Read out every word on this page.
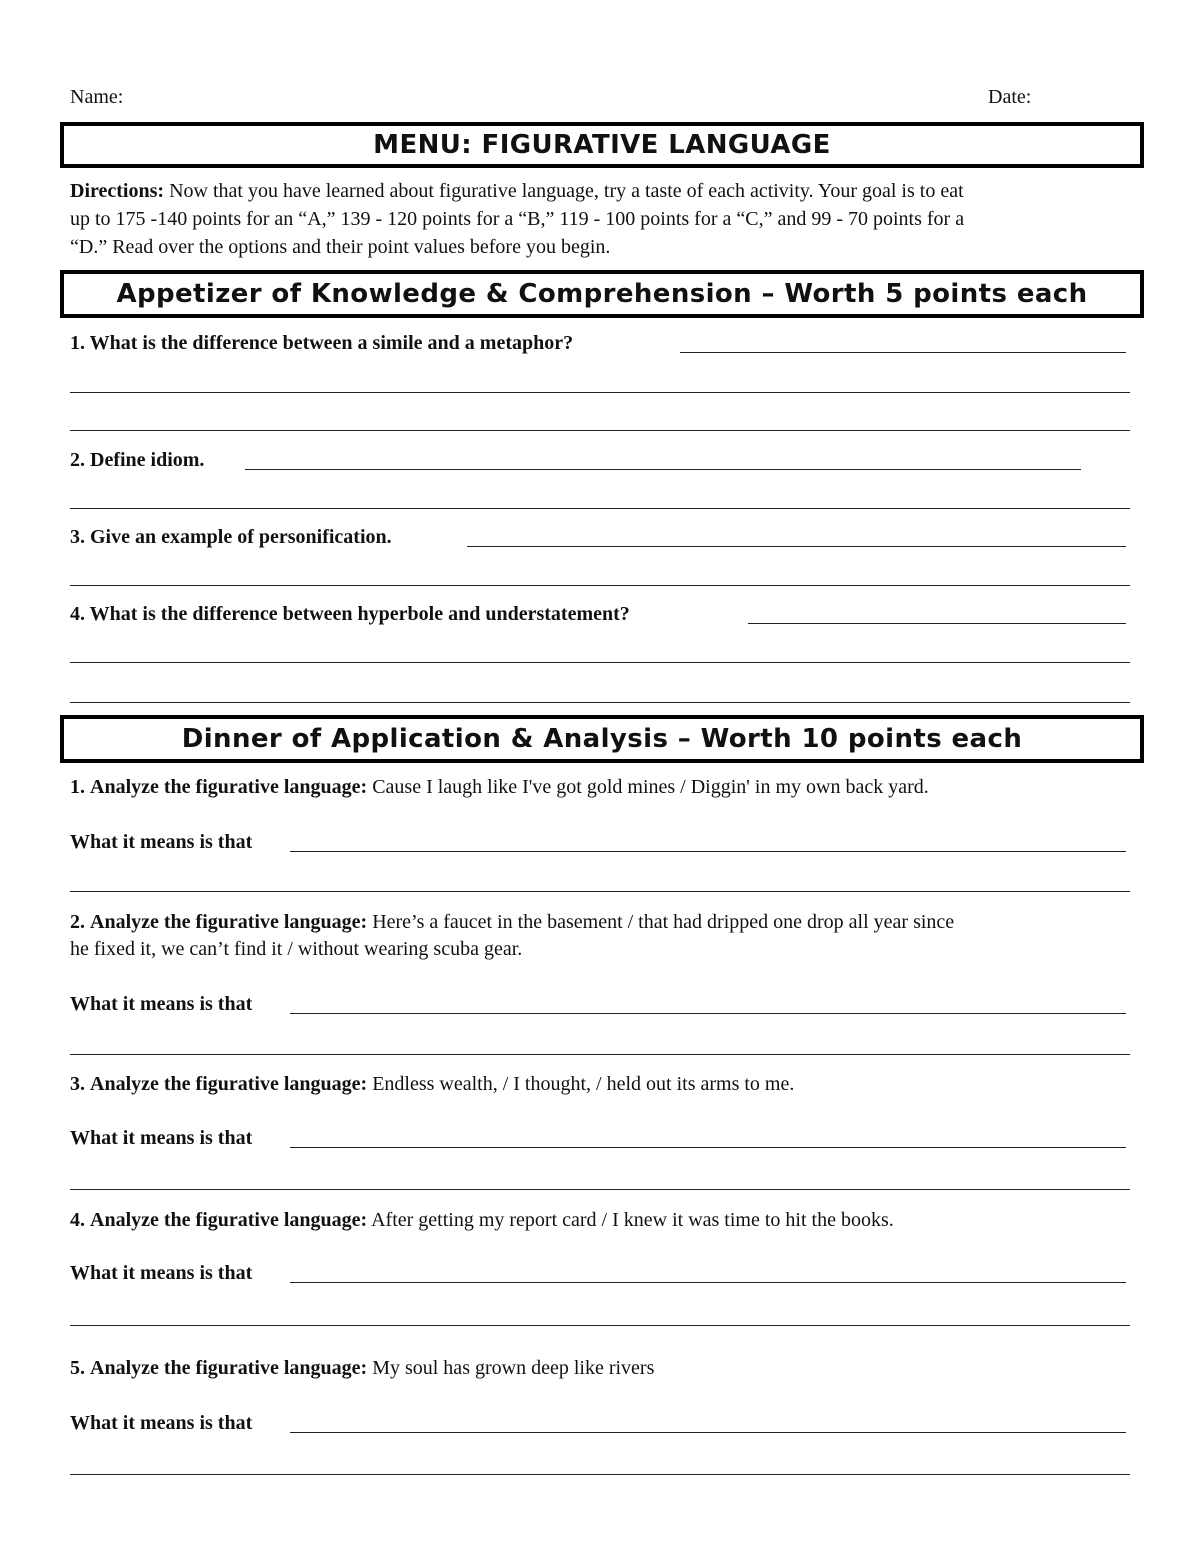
Name:	Date:
MENU: FIGURATIVE LANGUAGE
Directions: Now that you have learned about figurative language, try a taste of each activity. Your goal is to eat
up to 175 -140 points for an “A,” 139 - 120 points for a “B,” 119 - 100 points for a “C,” and 99 - 70 points for a
“D.” Read over the options and their point values before you begin.
Appetizer of Knowledge & Comprehension – Worth 5 points each
1. What is the difference between a simile and a metaphor?
2. Define idiom.
3. Give an example of personification.
4. What is the difference between hyperbole and understatement?
Dinner of Application & Analysis – Worth 10 points each
1. Analyze the figurative language: Cause I laugh like I've got gold mines / Diggin' in my own back yard.
What it means is that
2. Analyze the figurative language: Here’s a faucet in the basement / that had dripped one drop all year since
he fixed it, we can’t find it / without wearing scuba gear.
What it means is that
3. Analyze the figurative language: Endless wealth, / I thought, / held out its arms to me.
What it means is that
4. Analyze the figurative language: After getting my report card / I knew it was time to hit the books.
What it means is that
5. Analyze the figurative language: My soul has grown deep like rivers
What it means is that
